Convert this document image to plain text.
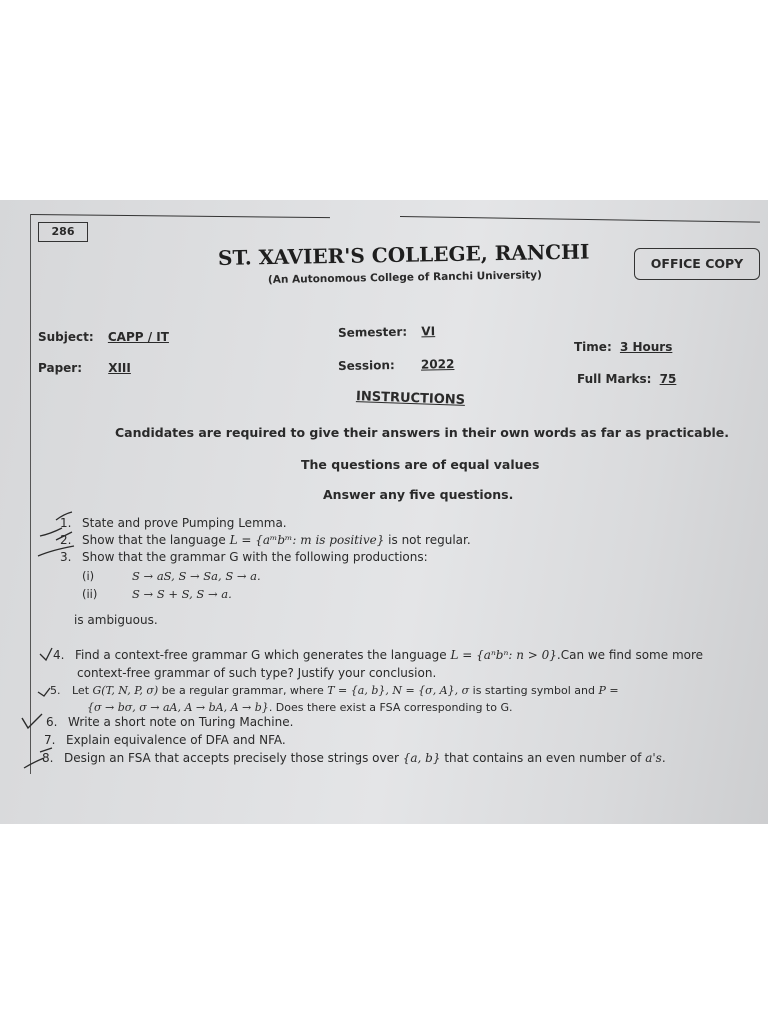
286
ST. XAVIER'S COLLEGE, RANCHI
(An Autonomous College of Ranchi University)
OFFICE COPY
Subject: CAPP / IT
Paper: XIII
Semester: VI
Session: 2022
Time: 3 Hours
Full Marks: 75
INSTRUCTIONS
Candidates are required to give their answers in their own words as far as practicable.
The questions are of equal values
Answer any five questions.
1. State and prove Pumping Lemma.
2. Show that the language L = {aᵐbᵐ: m is positive} is not regular.
3. Show that the grammar G with the following productions:
(i)	S → aS, S → Sa, S → a.
(ii)	S → S + S, S → a.
is ambiguous.
4. Find a context-free grammar G which generates the language L = {aⁿbⁿ: n > 0}.Can we find some more
context-free grammar of such type? Justify your conclusion.
5. Let G(T, N, P, σ) be a regular grammar, where T = {a, b}, N = {σ, A}, σ is starting symbol and P =
{σ → bσ, σ → aA, A → bA, A → b}. Does there exist a FSA corresponding to G.
6. Write a short note on Turing Machine.
7. Explain equivalence of DFA and NFA.
8. Design an FSA that accepts precisely those strings over {a, b} that contains an even number of a's.
